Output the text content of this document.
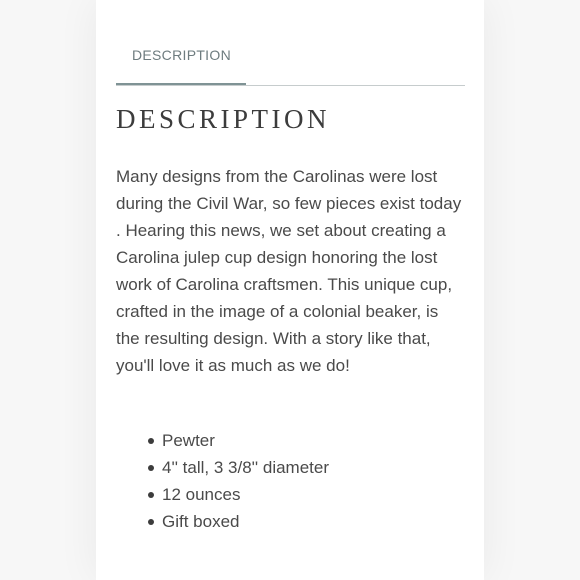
DESCRIPTION
DESCRIPTION

Many designs from the Carolinas were lost during the Civil War, so few pieces exist today . Hearing this news, we set about creating a Carolina julep cup design honoring the lost work of Carolina craftsmen. This unique cup, crafted in the image of a colonial beaker, is the resulting design. With a story like that, you'll love it as much as we do!

Pewter
4'' tall, 3 3/8'' diameter
12 ounces
Gift boxed
